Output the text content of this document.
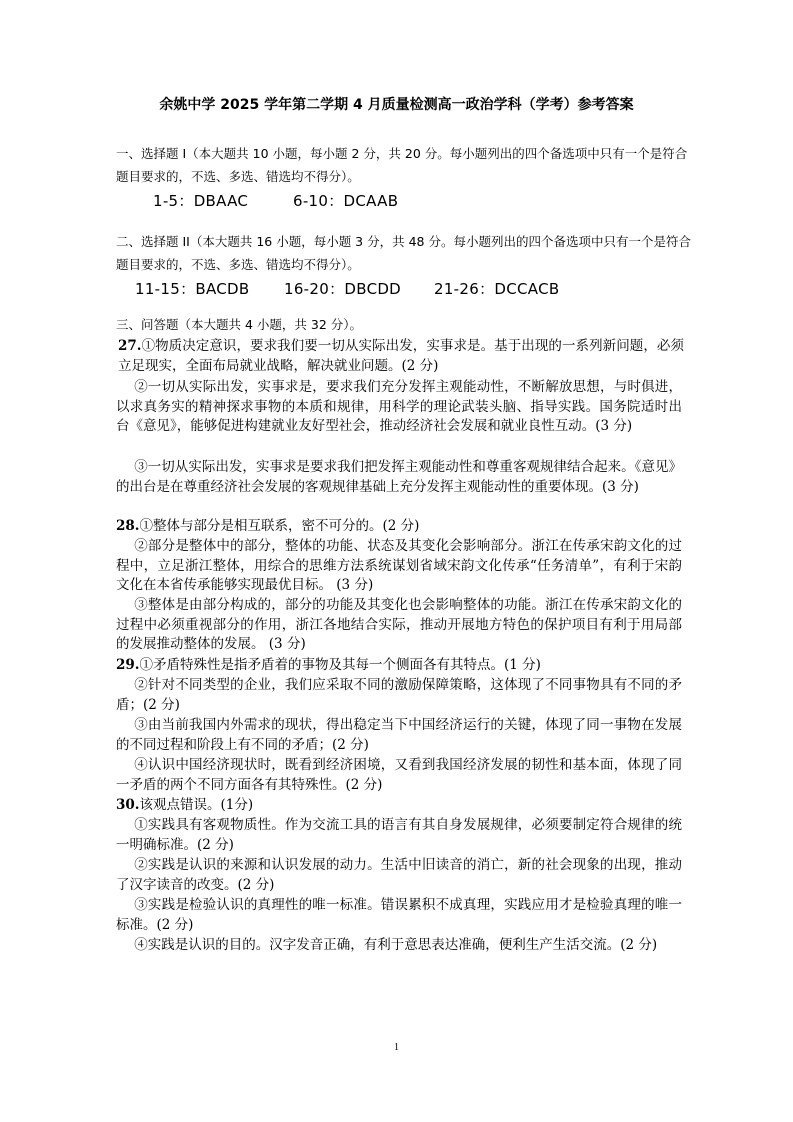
余姚中学 2025 学年第二学期 4 月质量检测高一政治学科（学考）参考答案
一、选择题 I（本大题共 10 小题，每小题 2 分，共 20 分。每小题列出的四个备选项中只有一个是符合题目要求的，不选、多选、错选均不得分）。
1-5：DBAAC	6-10：DCAAB
二、选择题 II（本大题共 16 小题，每小题 3 分，共 48 分。每小题列出的四个备选项中只有一个是符合题目要求的，不选、多选、错选均不得分）。
11-15：BACDB 16-20：DBCDD 21-26：DCCACB
三、问答题（本大题共 4 小题，共 32 分）。
27.①物质决定意识，要求我们要一切从实际出发，实事求是。基于出现的一系列新问题，必须立足现实，全面布局就业战略，解决就业问题。(2 分)
②一切从实际出发，实事求是，要求我们充分发挥主观能动性，不断解放思想，与时俱进，以求真务实的精神探求事物的本质和规律，用科学的理论武装头脑、指导实践。国务院适时出台《意见》，能够促进构建就业友好型社会，推动经济社会发展和就业良性互动。(3 分)
③一切从实际出发，实事求是要求我们把发挥主观能动性和尊重客观规律结合起来。《意见》的出台是在尊重经济社会发展的客观规律基础上充分发挥主观能动性的重要体现。(3 分)
28.①整体与部分是相互联系，密不可分的。(2 分)
②部分是整体中的部分，整体的功能、状态及其变化会影响部分。浙江在传承宋韵文化的过程中，立足浙江整体，用综合的思维方法系统谋划省域宋韵文化传承“任务清单”，有利于宋韵文化在本省传承能够实现最优目标。 (3 分)
③整体是由部分构成的，部分的功能及其变化也会影响整体的功能。浙江在传承宋韵文化的过程中必须重视部分的作用，浙江各地结合实际，推动开展地方特色的保护项目有利于用局部的发展推动整体的发展。 (3 分)
29.①矛盾特殊性是指矛盾着的事物及其每一个侧面各有其特点。(1 分)
②针对不同类型的企业，我们应采取不同的激励保障策略，这体现了不同事物具有不同的矛盾；(2 分)
③由当前我国内外需求的现状，得出稳定当下中国经济运行的关键，体现了同一事物在发展的不同过程和阶段上有不同的矛盾；(2 分)
④认识中国经济现状时，既看到经济困境，又看到我国经济发展的韧性和基本面，体现了同一矛盾的两个不同方面各有其特殊性。(2 分)
30.该观点错误。(1分)
①实践具有客观物质性。作为交流工具的语言有其自身发展规律，必须要制定符合规律的统一明确标准。(2 分)
②实践是认识的来源和认识发展的动力。生活中旧读音的消亡，新的社会现象的出现，推动了汉字读音的改变。(2 分)
③实践是检验认识的真理性的唯一标准。错误累积不成真理，实践应用才是检验真理的唯一标准。(2 分)
④实践是认识的目的。汉字发音正确，有利于意思表达准确，便利生产生活交流。(2 分)
1
